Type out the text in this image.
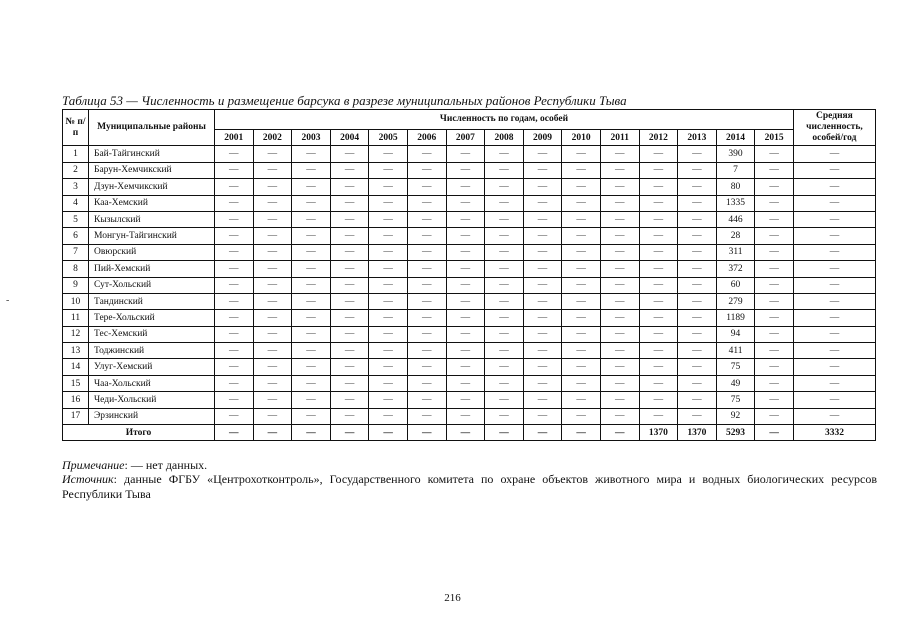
-
Таблица 53 — Численность и размещение барсука в разрезе муниципальных районов Республики Тыва
№ п/п	Муниципальные районы	Численность по годам, особей															Средняя численность, особей/год
		2001	2002	2003	2004	2005	2006	2007	2008	2009	2010	2011	2012	2013	2014	2015	
1	Бай-Тайгинский	—	—	—	—	—	—	—	—	—	—	—	—	—	390	—	—
2	Барун-Хемчикский	—	—	—	—	—	—	—	—	—	—	—	—	—	7	—	—
3	Дзун-Хемчикский	—	—	—	—	—	—	—	—	—	—	—	—	—	80	—	—
4	Каа-Хемский	—	—	—	—	—	—	—	—	—	—	—	—	—	1335	—	—
5	Кызылский	—	—	—	—	—	—	—	—	—	—	—	—	—	446	—	—
6	Монгун-Тайгинский	—	—	—	—	—	—	—	—	—	—	—	—	—	28	—	—
7	Овюрский	—	—	—	—	—	—	—	—	—	—	—	—	—	311	—	—
8	Пий-Хемский	—	—	—	—	—	—	—	—	—	—	—	—	—	372	—	—
9	Сут-Хольский	—	—	—	—	—	—	—	—	—	—	—	—	—	60	—	—
10	Тандинский	—	—	—	—	—	—	—	—	—	—	—	—	—	279	—	—
11	Тере-Хольский	—	—	—	—	—	—	—	—	—	—	—	—	—	1189	—	—
12	Тес-Хемский	—	—	—	—	—	—	—	—	—	—	—	—	—	94	—	—
13	Тоджинский	—	—	—	—	—	—	—	—	—	—	—	—	—	411	—	—
14	Улуг-Хемский	—	—	—	—	—	—	—	—	—	—	—	—	—	75	—	—
15	Чаа-Хольский	—	—	—	—	—	—	—	—	—	—	—	—	—	49	—	—
16	Чеди-Хольский	—	—	—	—	—	—	—	—	—	—	—	—	—	75	—	—
17	Эрзинский	—	—	—	—	—	—	—	—	—	—	—	—	—	92	—	—
Итого		—	—	—	—	—	—	—	—	—	—	—	1370	1370	5293	—	3332
Примечание: — нет данных.
Источник: данные ФГБУ «Центрохотконтроль», Государственного комитета по охране объектов животного мира и водных биологических ресурсов Республики Тыва
216
